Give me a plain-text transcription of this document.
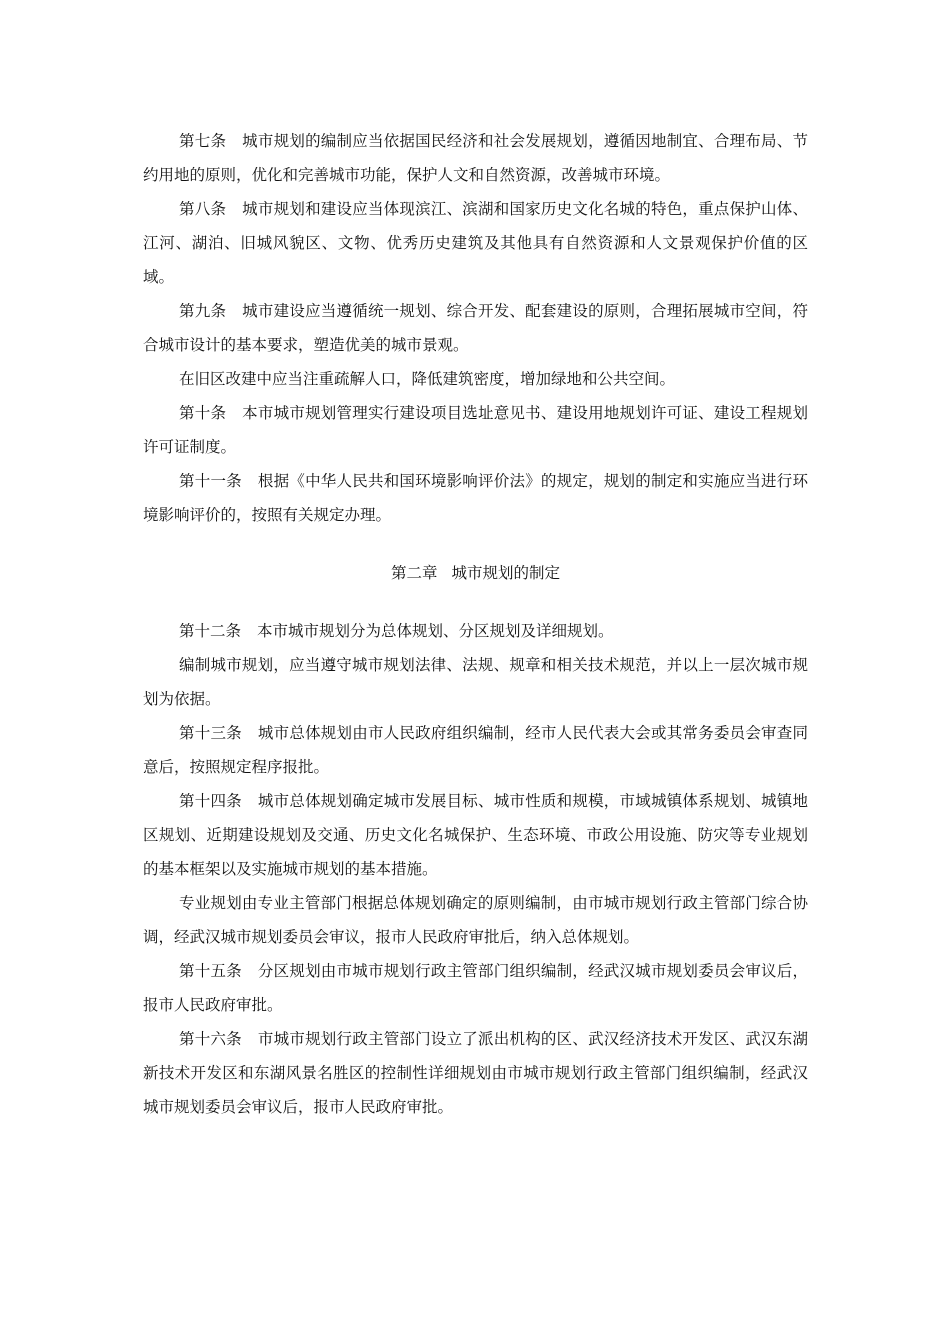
第七条 城市规划的编制应当依据国民经济和社会发展规划，遵循因地制宜、合理布局、节约用地的原则，优化和完善城市功能，保护人文和自然资源，改善城市环境。

第八条 城市规划和建设应当体现滨江、滨湖和国家历史文化名城的特色，重点保护山体、江河、湖泊、旧城风貌区、文物、优秀历史建筑及其他具有自然资源和人文景观保护价值的区域。

第九条 城市建设应当遵循统一规划、综合开发、配套建设的原则，合理拓展城市空间，符合城市设计的基本要求，塑造优美的城市景观。

在旧区改建中应当注重疏解人口，降低建筑密度，增加绿地和公共空间。

第十条 本市城市规划管理实行建设项目选址意见书、建设用地规划许可证、建设工程规划许可证制度。

第十一条 根据《中华人民共和国环境影响评价法》的规定，规划的制定和实施应当进行环境影响评价的，按照有关规定办理。

第二章 城市规划的制定

第十二条 本市城市规划分为总体规划、分区规划及详细规划。

编制城市规划，应当遵守城市规划法律、法规、规章和相关技术规范，并以上一层次城市规划为依据。

第十三条 城市总体规划由市人民政府组织编制，经市人民代表大会或其常务委员会审查同意后，按照规定程序报批。

第十四条 城市总体规划确定城市发展目标、城市性质和规模，市域城镇体系规划、城镇地区规划、近期建设规划及交通、历史文化名城保护、生态环境、市政公用设施、防灾等专业规划的基本框架以及实施城市规划的基本措施。

专业规划由专业主管部门根据总体规划确定的原则编制，由市城市规划行政主管部门综合协调，经武汉城市规划委员会审议，报市人民政府审批后，纳入总体规划。

第十五条 分区规划由市城市规划行政主管部门组织编制，经武汉城市规划委员会审议后，报市人民政府审批。

第十六条 市城市规划行政主管部门设立了派出机构的区、武汉经济技术开发区、武汉东湖新技术开发区和东湖风景名胜区的控制性详细规划由市城市规划行政主管部门组织编制，经武汉城市规划委员会审议后，报市人民政府审批。
